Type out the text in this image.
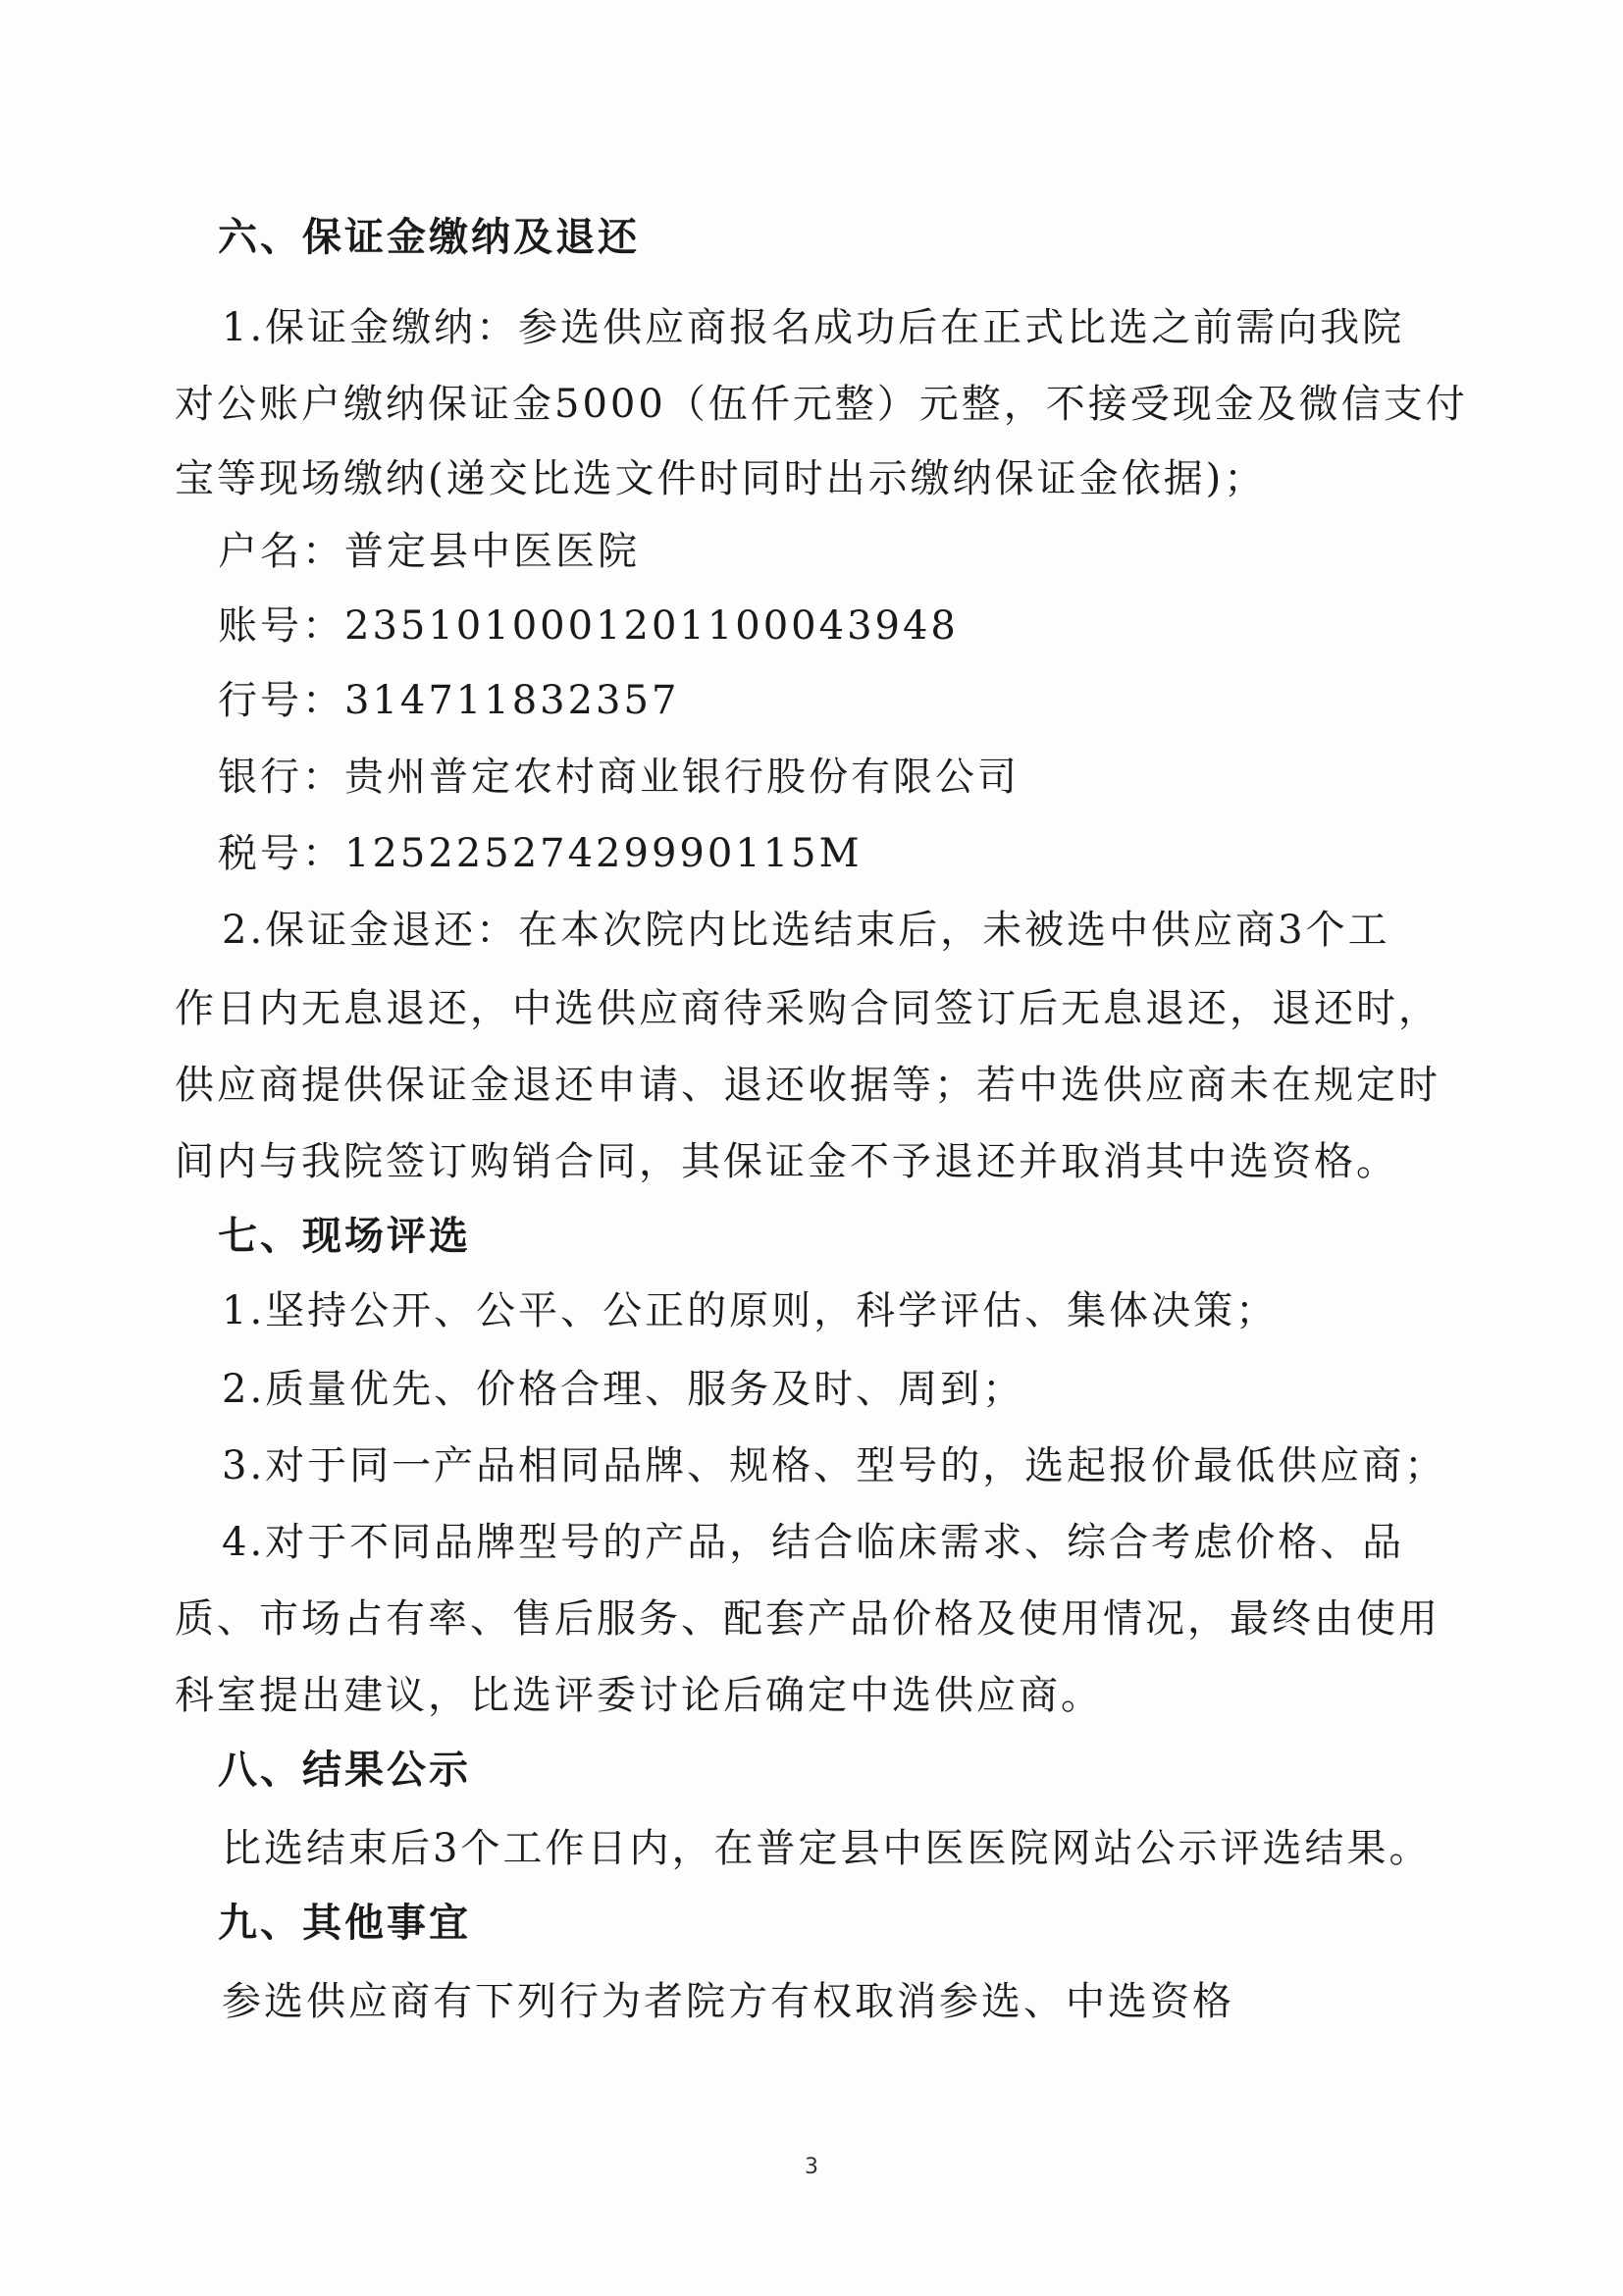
六、保证金缴纳及退还
1.保证金缴纳：参选供应商报名成功后在正式比选之前需向我院
对公账户缴纳保证金5000（伍仟元整）元整，不接受现金及微信支付
宝等现场缴纳(递交比选文件时同时出示缴纳保证金依据)；
户名：普定县中医医院
账号：2351010001201100043948
行号：314711832357
银行：贵州普定农村商业银行股份有限公司
税号：12522527429990115M
2.保证金退还：在本次院内比选结束后，未被选中供应商3个工
作日内无息退还，中选供应商待采购合同签订后无息退还，退还时，
供应商提供保证金退还申请、退还收据等；若中选供应商未在规定时
间内与我院签订购销合同，其保证金不予退还并取消其中选资格。
七、现场评选
1.坚持公开、公平、公正的原则，科学评估、集体决策；
2.质量优先、价格合理、服务及时、周到；
3.对于同一产品相同品牌、规格、型号的，选起报价最低供应商；
4.对于不同品牌型号的产品，结合临床需求、综合考虑价格、品
质、市场占有率、售后服务、配套产品价格及使用情况，最终由使用
科室提出建议，比选评委讨论后确定中选供应商。
八、结果公示
比选结束后3个工作日内，在普定县中医医院网站公示评选结果。
九、其他事宜
参选供应商有下列行为者院方有权取消参选、中选资格
3
